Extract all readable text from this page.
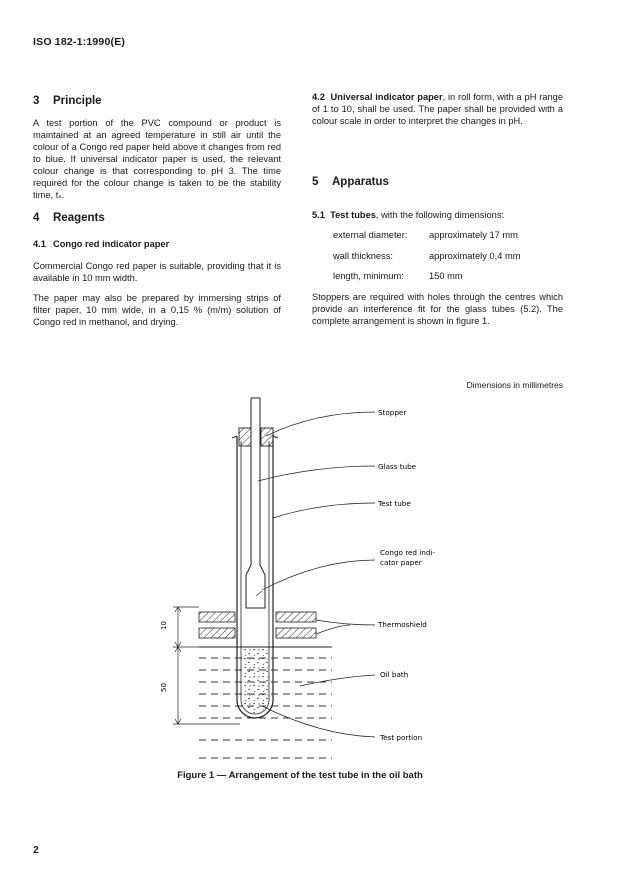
ISO 182-1:1990(E)
3 Principle
A test portion of the PVC compound or product is maintained at an agreed temperature in still air until the colour of a Congo red paper held above it changes from red to blue. If universal indicator paper is used, the relevant colour change is that corresponding to pH 3. The time required for the colour change is taken to be the stability time, tₛ.
4 Reagents
4.1 Congo red indicator paper
Commercial Congo red paper is suitable, providing that it is available in 10 mm width.
The paper may also be prepared by immersing strips of filter paper, 10 mm wide, in a 0,15 % (m/m) solution of Congo red in methanol, and drying.
4.2 Universal indicator paper, in roll form, with a pH range of 1 to 10, shall be used. The paper shall be provided with a colour scale in order to interpret the changes in pH.
5 Apparatus
5.1 Test tubes, with the following dimensions:
external diameter: approximately 17 mm
wall thickness:	approximately 0,4 mm
length, minimum:	150 mm
Stoppers are required with holes through the centres which provide an interference fit for the glass tubes (5.2). The complete arrangement is shown in figure 1.
Dimensions in millimetres
10
50
Stopper
Glass tube
Test tube
Congo red indi-
cator paper
Thermoshield
Oil bath
Test portion
Figure 1 — Arrangement of the test tube in the oil bath
2
